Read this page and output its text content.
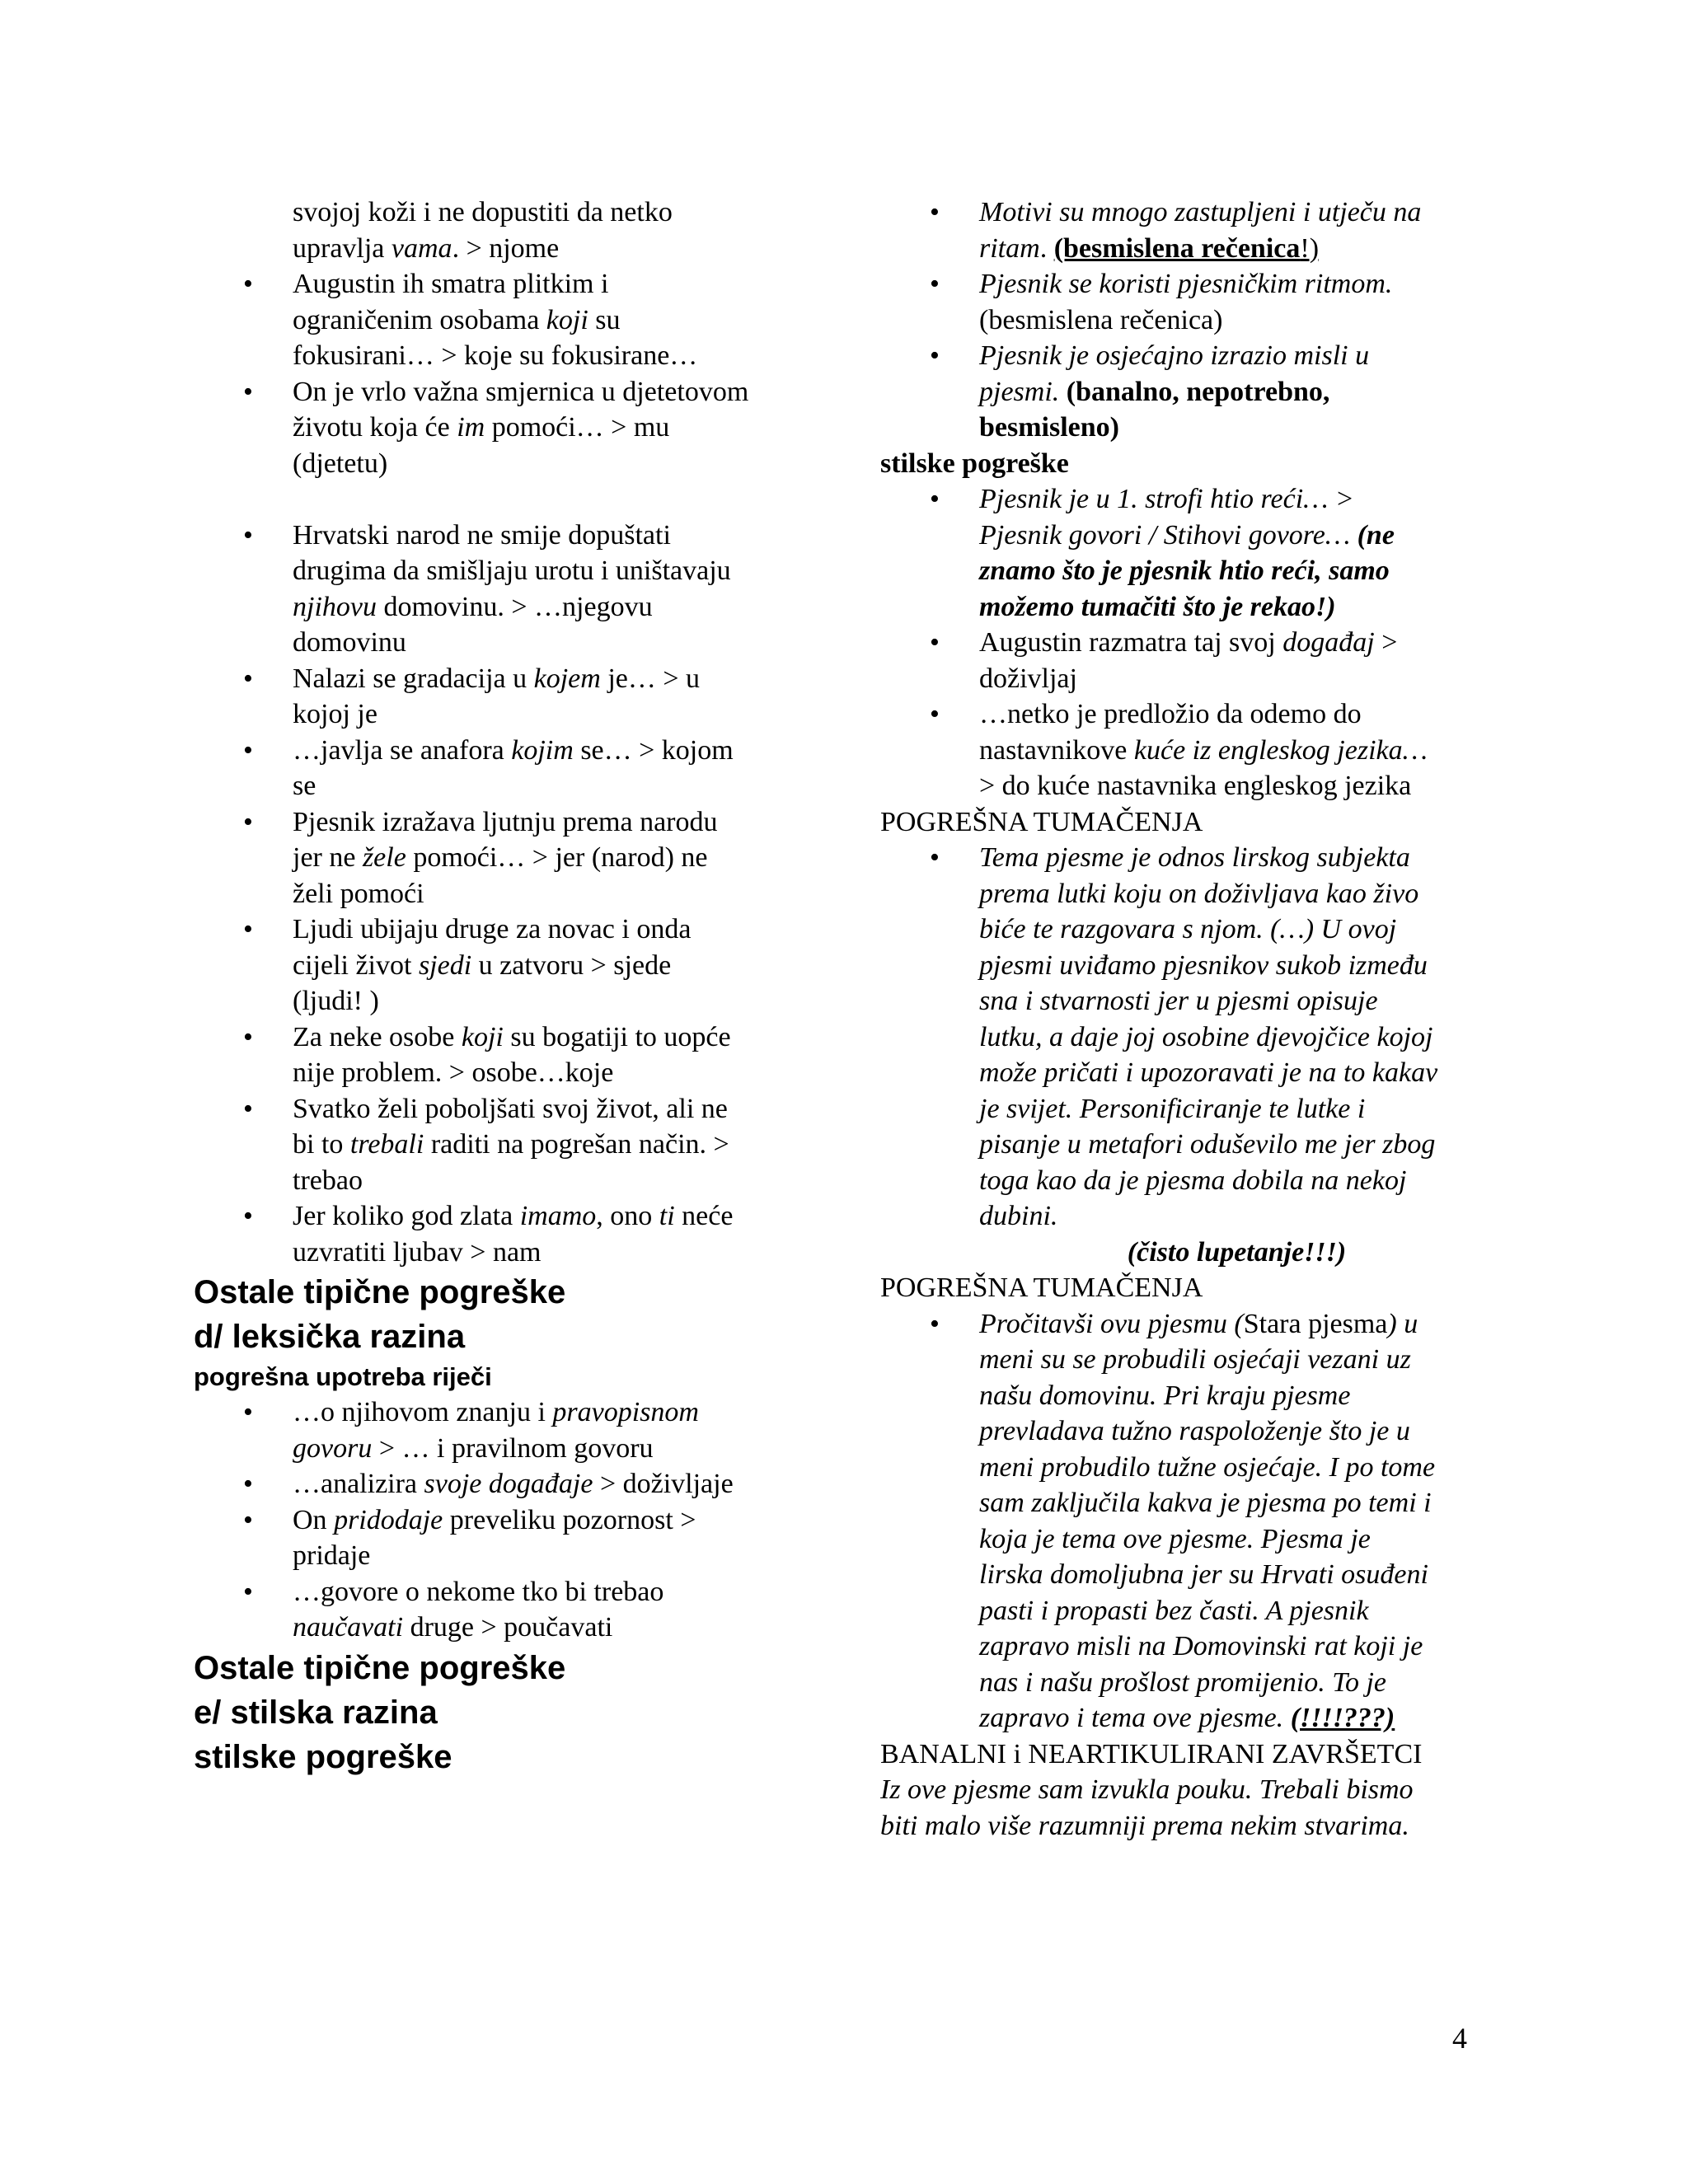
svojoj koži i ne dopustiti da netko
upravlja vama. > njome
• Augustin ih smatra plitkim i
ograničenim osobama koji su
fokusirani… > koje su fokusirane…
• On je vrlo važna smjernica u djetetovom
životu koja će im pomoći… > mu
(djetetu)
• Hrvatski narod ne smije dopuštati
drugima da smišljaju urotu i uništavaju
njihovu domovinu. > …njegovu
domovinu
• Nalazi se gradacija u kojem je… > u
kojoj je
• …javlja se anafora kojim se… > kojom
se
• Pjesnik izražava ljutnju prema narodu
jer ne žele pomoći… > jer (narod) ne
želi pomoći
• Ljudi ubijaju druge za novac i onda
cijeli život sjedi u zatvoru > sjede
(ljudi! )
• Za neke osobe koji su bogatiji to uopće
nije problem. > osobe…koje
• Svatko želi poboljšati svoj život, ali ne
bi to trebali raditi na pogrešan način. >
trebao
• Jer koliko god zlata imamo, ono ti neće
uzvratiti ljubav > nam
Ostale tipične pogreške
d/ leksička razina
pogrešna upotreba riječi
• …o njihovom znanju i pravopisnom
govoru > … i pravilnom govoru
• …analizira svoje događaje > doživljaje
• On pridodaje preveliku pozornost >
pridaje
• …govore o nekome tko bi trebao
naučavati druge > poučavati
Ostale tipične pogreške
e/ stilska razina
stilske pogreške
• Motivi su mnogo zastupljeni i utječu na
ritam. (besmislena rečenica!)
• Pjesnik se koristi pjesničkim ritmom.
(besmislena rečenica)
• Pjesnik je osjećajno izrazio misli u
pjesmi. (banalno, nepotrebno,
besmisleno)
stilske pogreške
• Pjesnik je u 1. strofi htio reći… >
Pjesnik govori / Stihovi govore… (ne
znamo što je pjesnik htio reći, samo
možemo tumačiti što je rekao!)
• Augustin razmatra taj svoj događaj >
doživljaj
• …netko je predložio da odemo do
nastavnikove kuće iz engleskog jezika…
> do kuće nastavnika engleskog jezika
POGREŠNA TUMAČENJA
• Tema pjesme je odnos lirskog subjekta
prema lutki koju on doživljava kao živo
biće te razgovara s njom. (…) U ovoj
pjesmi uviđamo pjesnikov sukob između
sna i stvarnosti jer u pjesmi opisuje
lutku, a daje joj osobine djevojčice kojoj
može pričati i upozoravati je na to kakav
je svijet. Personificiranje te lutke i
pisanje u metafori oduševilo me jer zbog
toga kao da je pjesma dobila na nekoj
dubini.
(čisto lupetanje!!!)
POGREŠNA TUMAČENJA
• Pročitavši ovu pjesmu (Stara pjesma) u
meni su se probudili osjećaji vezani uz
našu domovinu. Pri kraju pjesme
prevladava tužno raspoloženje što je u
meni probudilo tužne osjećaje. I po tome
sam zaključila kakva je pjesma po temi i
koja je tema ove pjesme. Pjesma je
lirska domoljubna jer su Hrvati osuđeni
pasti i propasti bez časti. A pjesnik
zapravo misli na Domovinski rat koji je
nas i našu prošlost promijenio. To je
zapravo i tema ove pjesme. (!!!!???)
BANALNI i NEARTIKULIRANI ZAVRŠETCI
Iz ove pjesme sam izvukla pouku. Trebali bismo
biti malo više razumniji prema nekim stvarima.
4
